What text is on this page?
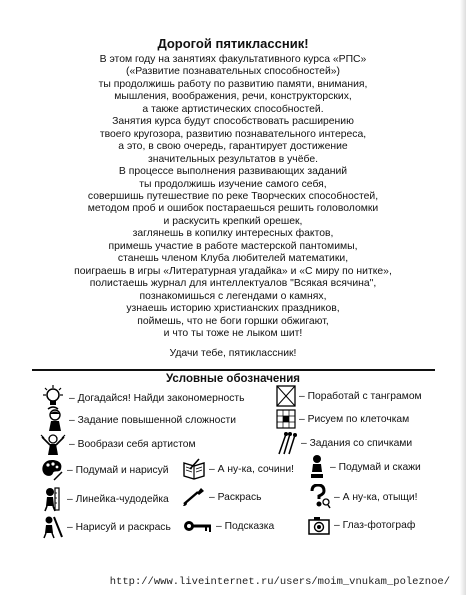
Дорогой пятиклассник!
В этом году на занятиях факультативного курса «РПС»
(«Развитие познавательных способностей»)
ты продолжишь работу по развитию памяти, внимания,
мышления, воображения, речи, конструкторских,
а также артистических способностей.
Занятия курса будут способствовать расширению
твоего кругозора, развитию познавательного интереса,
а это, в свою очередь, гарантирует достижение
значительных результатов в учёбе.
В процессе выполнения развивающих заданий
ты продолжишь изучение самого себя,
совершишь путешествие по реке Творческих способностей,
методом проб и ошибок постараешься решить головоломки
и раскусить крепкий орешек,
заглянешь в копилку интересных фактов,
примешь участие в работе мастерской пантомимы,
станешь членом Клуба любителей математики,
поиграешь в игры «Литературная угадайка» и «С миру по нитке»,
полистаешь журнал для интеллектуалов "Всякая всячина",
познакомишься с легендами о камнях,
узнаешь историю христианских праздников,
поймешь, что не боги горшки обжигают,
и что ты тоже не лыком шит!
Удачи тебе, пятиклассник!
Условные обозначения
– Догадайся! Найди закономерность	– Поработай с танграмом
– Задание повышенной сложности	– Рисуем по клеточкам
– Вообрази себя артистом	– Задания со спичками
– Подумай и нарисуй	– А ну-ка, сочини!	– Подумай и скажи
– Линейка-чудодейка	– Раскрась	– А ну-ка, отыщи!
– Нарисуй и раскрась	– Подсказка	– Глаз-фотограф
http://www.liveinternet.ru/users/moim_vnukam_poleznoe/
